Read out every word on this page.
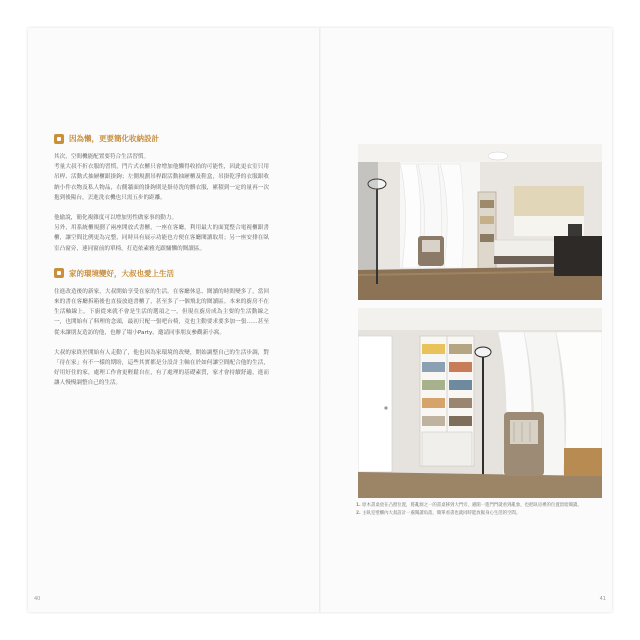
因為懶，更要簡化收納設計

其次，空間機能配置要符合生活習慣。

考量大叔不折衣服的習慣，門片式衣櫃只會增加他懶得收拾的可能性，因此更衣室只用吊桿、活動式抽屜櫃跟掛鉤；左側規劃吊桿跟活動抽屜櫃及鞋盒，吊掛乾淨的衣服跟收納小件衣物及私人物品，右側牆面的掛鉤則是掛待洗的髒衣服，累積到一定的量再一次抱到後陽台，丟進洗衣機也只需五步的距離。

他偷說，簡化複雜度可以增加男性做家事的動力。

另外，用系統櫃規劃了兩座開放式書櫃，一座在客廳，利用最大的面寬整合電視櫃跟書櫃，讓空間比例更為完整，同時具有展示功能也方便在客廳閱讀取用；另一座安排在臥室凸窗旁，連同窗前的單椅，打造依素雅光跟慵懶的閱讀區。

家的環境變好，大叔也愛上生活

住進改造後的新家，大叔開始享受在家的生活。在客廳休息、閱讀的時間變多了，當回來的書在客廳拆箱後也直接放進書櫃了，甚至多了一個飛北的閱讀區。本來的廚房不在生活軸線上，下廚從來就不會是生活的選項之一，但現在廚房成為主要的生活動線之一，也開始有了料理的念頭，最初只配一張吧台椅，竟也主動要求要多加一張……甚至從未讓朋友造訪的他，也辦了場小Party，邀請同事朋友參觀新小窩。

大叔的家終於開始有人走動了，他也因為家環境的改變，開始調整自己的生活步調，對「待在家」有不一樣的期盼，這些其實都是分設計主軸在於如何讓空間配合他的生活，好用好住的家，處理工作會更輕鬆自在，有了處理的基礎素質，家才會持續舒適，進而讓人慢慢調整自己的生活。

1. 原木書桌放在凸窗位置，將亂源之一的書桌移到大門旁，避開一進門門就看到亂象，也把臥房裡的位置留給閱讀。
2. 主臥室壁櫃內大叔設計一處閱讀角落，簡單看書也就同時能放鬆身心生活的空間。
40	41
